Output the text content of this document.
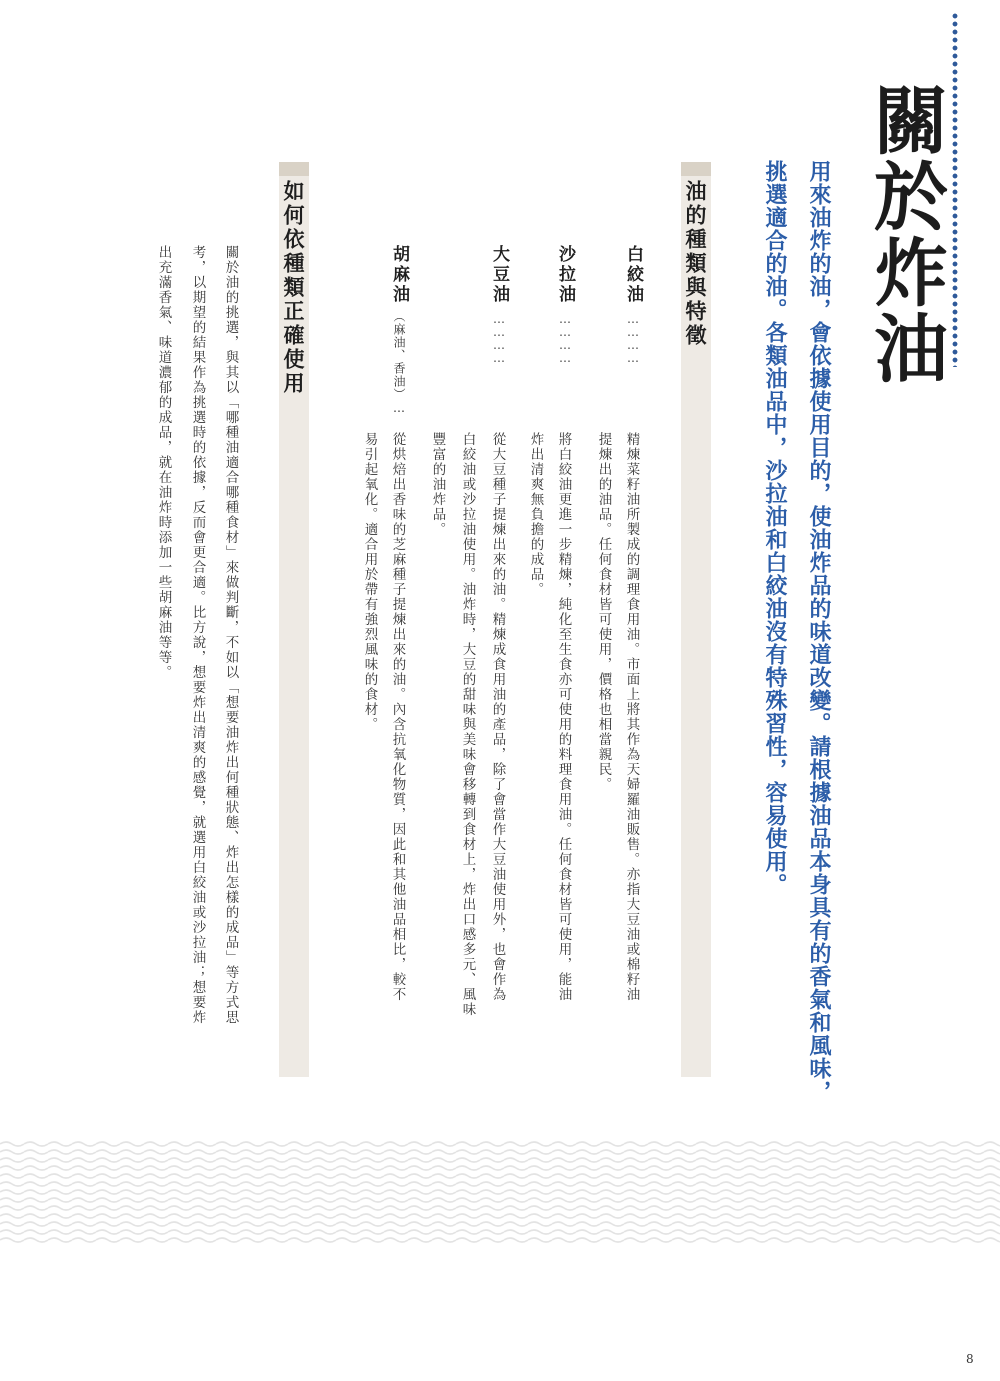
關於炸油
用來油炸的油，會依據使用目的，使油炸品的味道改變。請根據油品本身具有的香氣和風味，
挑選適合的油。各類油品中，沙拉油和白絞油沒有特殊習性，容易使用。
油的種類與特徵
白絞油
…………
精煉菜籽油所製成的調理食用油。市面上將其作為天婦羅油販售。亦指大豆油或棉籽油
提煉出的油品。任何食材皆可使用，價格也相當親民。
沙拉油
…………
將白絞油更進一步精煉，純化至生食亦可使用的料理食用油。任何食材皆可使用，能油
炸出清爽無負擔的成品。
大豆油
…………
從大豆種子提煉出來的油。精煉成食用油的產品，除了會當作大豆油使用外，也會作為
白絞油或沙拉油使用。油炸時，大豆的甜味與美味會移轉到食材上，炸出口感多元、風味
豐富的油炸品。
胡麻油
（麻油、香油）…
從烘焙出香味的芝麻種子提煉出來的油。內含抗氧化物質，因此和其他油品相比，較不
易引起氧化。適合用於帶有強烈風味的食材。
如何依種類正確使用
關於油的挑選，與其以「哪種油適合哪種食材」來做判斷，不如以「想要油炸出何種狀態、炸出怎樣的成品」等方式思
考，以期望的結果作為挑選時的依據，反而會更合適。比方說，想要炸出清爽的感覺，就選用白絞油或沙拉油；想要炸
出充滿香氣、味道濃郁的成品，就在油炸時添加一些胡麻油等等。
8
